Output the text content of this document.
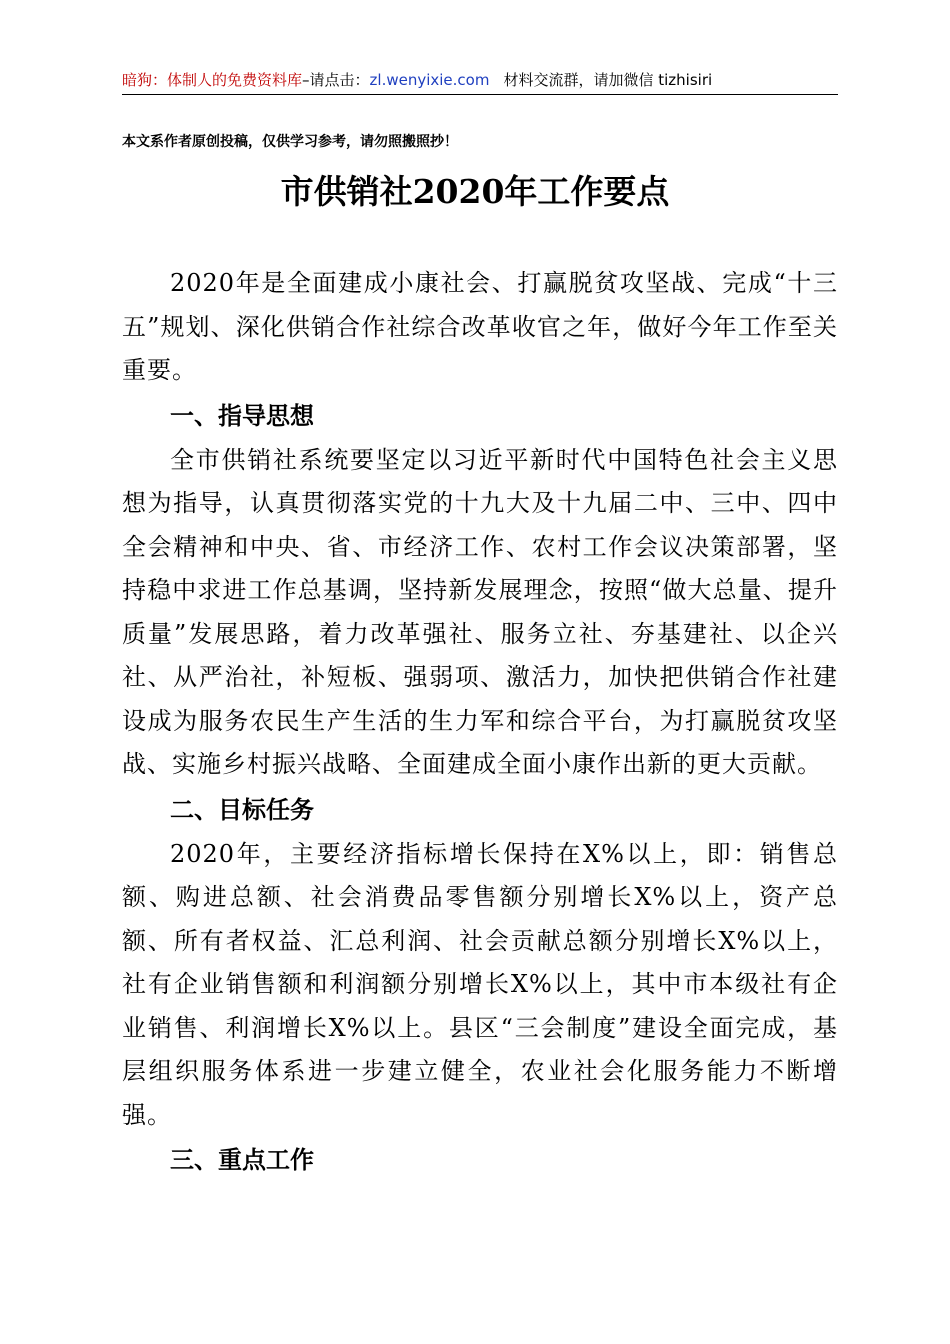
暗狗：体制人的免费资料库–请点击：zl.wenyixie.com 材料交流群，请加微信 tizhisiri
本文系作者原创投稿，仅供学习参考，请勿照搬照抄！
市供销社2020年工作要点

2020年是全面建成小康社会、打赢脱贫攻坚战、完成“十三五”规划、深化供销合作社综合改革收官之年，做好今年工作至关重要。

一、指导思想

全市供销社系统要坚定以习近平新时代中国特色社会主义思想为指导，认真贯彻落实党的十九大及十九届二中、三中、四中全会精神和中央、省、市经济工作、农村工作会议决策部署，坚持稳中求进工作总基调，坚持新发展理念，按照“做大总量、提升质量”发展思路，着力改革强社、服务立社、夯基建社、以企兴社、从严治社，补短板、强弱项、激活力，加快把供销合作社建设成为服务农民生产生活的生力军和综合平台，为打赢脱贫攻坚战、实施乡村振兴战略、全面建成全面小康作出新的更大贡献。

二、目标任务

2020年，主要经济指标增长保持在X%以上，即：销售总额、购进总额、社会消费品零售额分别增长X%以上，资产总额、所有者权益、汇总利润、社会贡献总额分别增长X%以上，社有企业销售额和利润额分别增长X%以上，其中市本级社有企业销售、利润增长X%以上。县区“三会制度”建设全面完成，基层组织服务体系进一步建立健全，农业社会化服务能力不断增强。

三、重点工作
